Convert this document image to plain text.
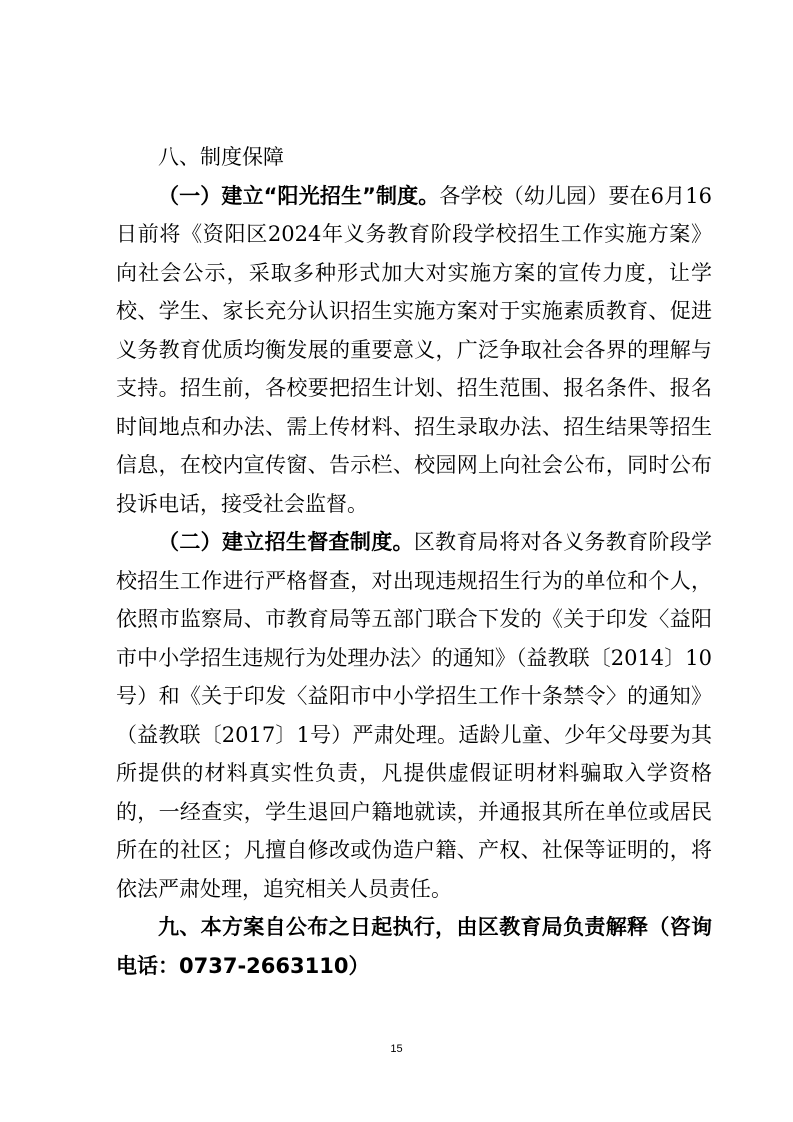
八、制度保障

（一）建立“阳光招生”制度。各学校（幼儿园）要在6月16日前将《资阳区2024年义务教育阶段学校招生工作实施方案》向社会公示，采取多种形式加大对实施方案的宣传力度，让学校、学生、家长充分认识招生实施方案对于实施素质教育、促进义务教育优质均衡发展的重要意义，广泛争取社会各界的理解与支持。招生前，各校要把招生计划、招生范围、报名条件、报名时间地点和办法、需上传材料、招生录取办法、招生结果等招生信息，在校内宣传窗、告示栏、校园网上向社会公布，同时公布投诉电话，接受社会监督。

（二）建立招生督查制度。区教育局将对各义务教育阶段学校招生工作进行严格督查，对出现违规招生行为的单位和个人，依照市监察局、市教育局等五部门联合下发的《关于印发〈益阳市中小学招生违规行为处理办法〉的通知》（益教联〔2014〕10号）和《关于印发〈益阳市中小学招生工作十条禁令〉的通知》（益教联〔2017〕1号）严肃处理。适龄儿童、少年父母要为其所提供的材料真实性负责，凡提供虚假证明材料骗取入学资格的，一经查实，学生退回户籍地就读，并通报其所在单位或居民所在的社区；凡擅自修改或伪造户籍、产权、社保等证明的，将依法严肃处理，追究相关人员责任。

九、本方案自公布之日起执行，由区教育局负责解释（咨询电话：0737-2663110）

15
